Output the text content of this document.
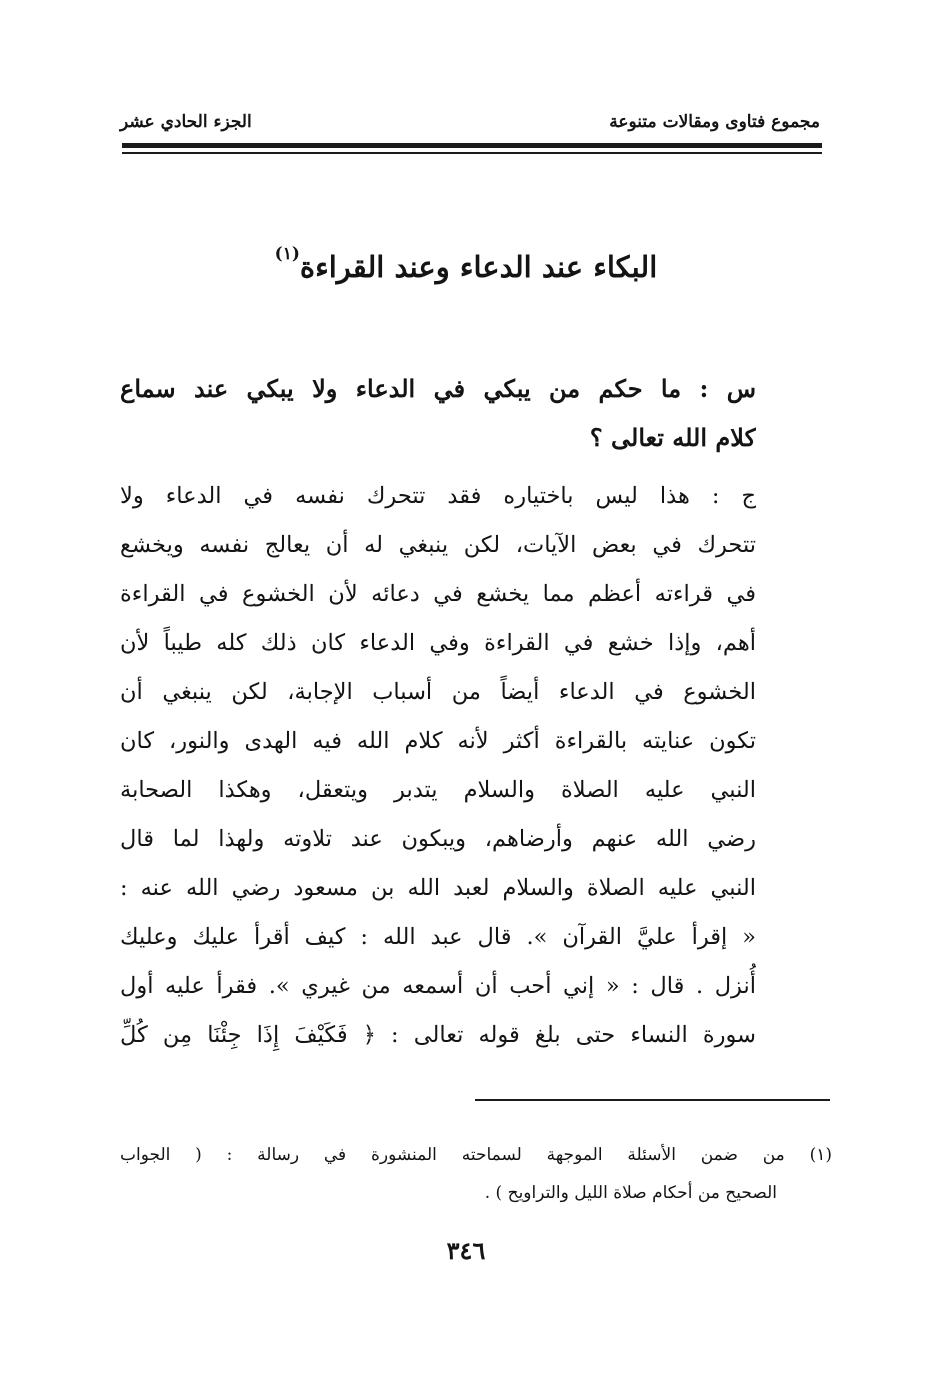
مجموع فتاوى ومقالات متنوعة
الجزء الحادي عشر
البكاء عند الدعاء وعند القراءة$^{(١)}$
س : ما حكم من يبكي في الدعاء ولا يبكي عند سماع
كلام الله تعالى ؟
ج : هذا ليس باختياره فقد تتحرك نفسه في الدعاء ولا
تتحرك في بعض الآيات، لكن ينبغي له أن يعالج نفسه ويخشع
في قراءته أعظم مما يخشع في دعائه لأن الخشوع في القراءة
أهم، وإذا خشع في القراءة وفي الدعاء كان ذلك كله طيباً لأن
الخشوع في الدعاء أيضاً من أسباب الإجابة، لكن ينبغي أن
تكون عنايته بالقراءة أكثر لأنه كلام الله فيه الهدى والنور، كان
النبي عليه الصلاة والسلام يتدبر ويتعقل، وهكذا الصحابة
رضي الله عنهم وأرضاهم، ويبكون عند تلاوته ولهذا لما قال
النبي عليه الصلاة والسلام لعبد الله بن مسعود رضي الله عنه :
« إقرأ عليَّ القرآن ». قال عبد الله : كيف أقرأ عليك وعليك
أُنزل . قال : « إني أحب أن أسمعه من غيري ». فقرأ عليه أول
سورة النساء حتى بلغ قوله تعالى : ﴿ فَكَيْفَ إِذَا جِئْنَا مِن كُلِّ
(١) من ضمن الأسئلة الموجهة لسماحته المنشورة في رسالة : ( الجواب
الصحيح من أحكام صلاة الليل والتراويح ) .
٣٤٦
